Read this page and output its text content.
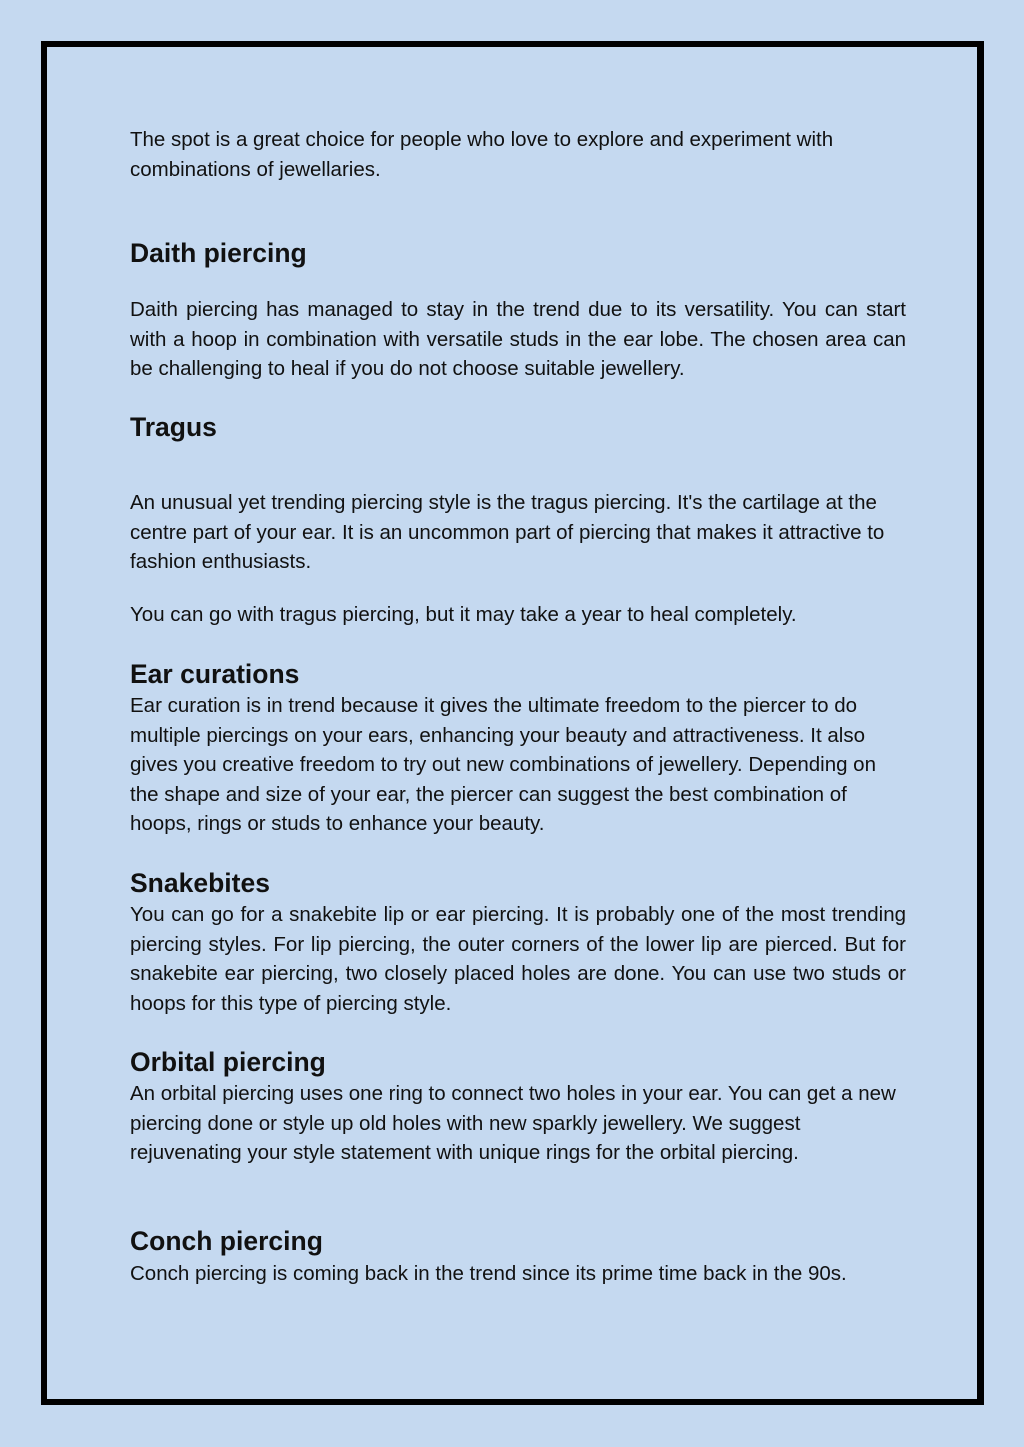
The spot is a great choice for people who love to explore and experiment with combinations of jewellaries.

Daith piercing

Daith piercing has managed to stay in the trend due to its versatility. You can start with a hoop in combination with versatile studs in the ear lobe. The chosen area can be challenging to heal if you do not choose suitable jewellery.

Tragus

An unusual yet trending piercing style is the tragus piercing. It's the cartilage at the centre part of your ear. It is an uncommon part of piercing that makes it attractive to fashion enthusiasts.

You can go with tragus piercing, but it may take a year to heal completely.

Ear curations

Ear curation is in trend because it gives the ultimate freedom to the piercer to do multiple piercings on your ears, enhancing your beauty and attractiveness. It also gives you creative freedom to try out new combinations of jewellery. Depending on the shape and size of your ear, the piercer can suggest the best combination of hoops, rings or studs to enhance your beauty.

Snakebites

You can go for a snakebite lip or ear piercing. It is probably one of the most trending piercing styles. For lip piercing, the outer corners of the lower lip are pierced. But for snakebite ear piercing, two closely placed holes are done. You can use two studs or hoops for this type of piercing style.

Orbital piercing

An orbital piercing uses one ring to connect two holes in your ear. You can get a new piercing done or style up old holes with new sparkly jewellery. We suggest rejuvenating your style statement with unique rings for the orbital piercing.

Conch piercing

Conch piercing is coming back in the trend since its prime time back in the 90s.
